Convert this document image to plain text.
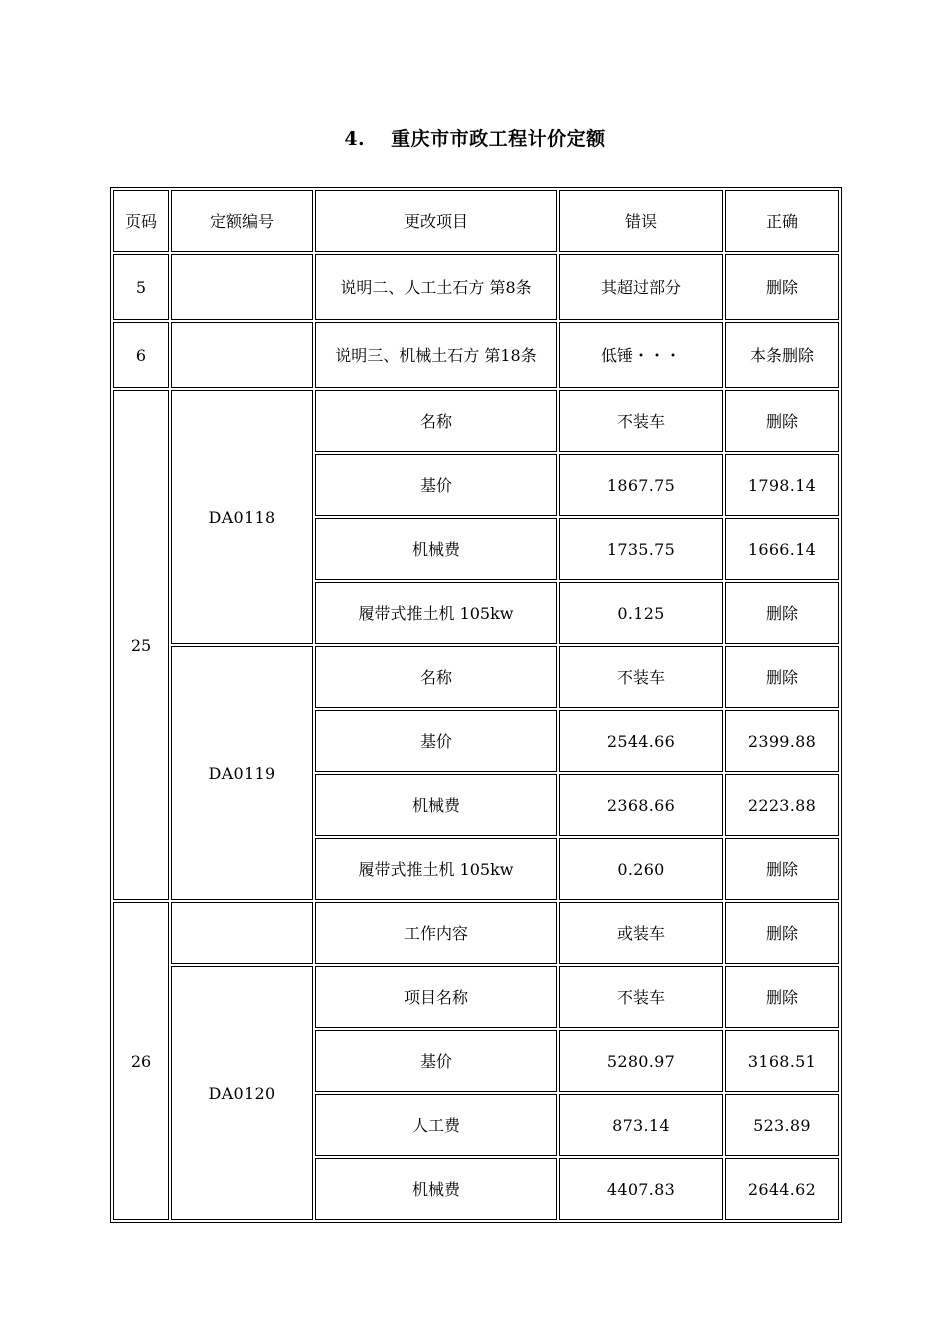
4. 重庆市市政工程计价定额
页码	定额编号	更改项目	错误	正确
5		说明二、人工土石方 第8条	其超过部分	删除
6		说明三、机械土石方 第18条	低锤・・・	本条删除
25	DA0118	名称	不装车	删除
		基价	1867.75	1798.14
		机械费	1735.75	1666.14
		履带式推土机 105kw	0.125	删除
	DA0119	名称	不装车	删除
		基价	2544.66	2399.88
		机械费	2368.66	2223.88
		履带式推土机 105kw	0.260	删除
26		工作内容	或装车	删除
	DA0120	项目名称	不装车	删除
		基价	5280.97	3168.51
		人工费	873.14	523.89
		机械费	4407.83	2644.62
